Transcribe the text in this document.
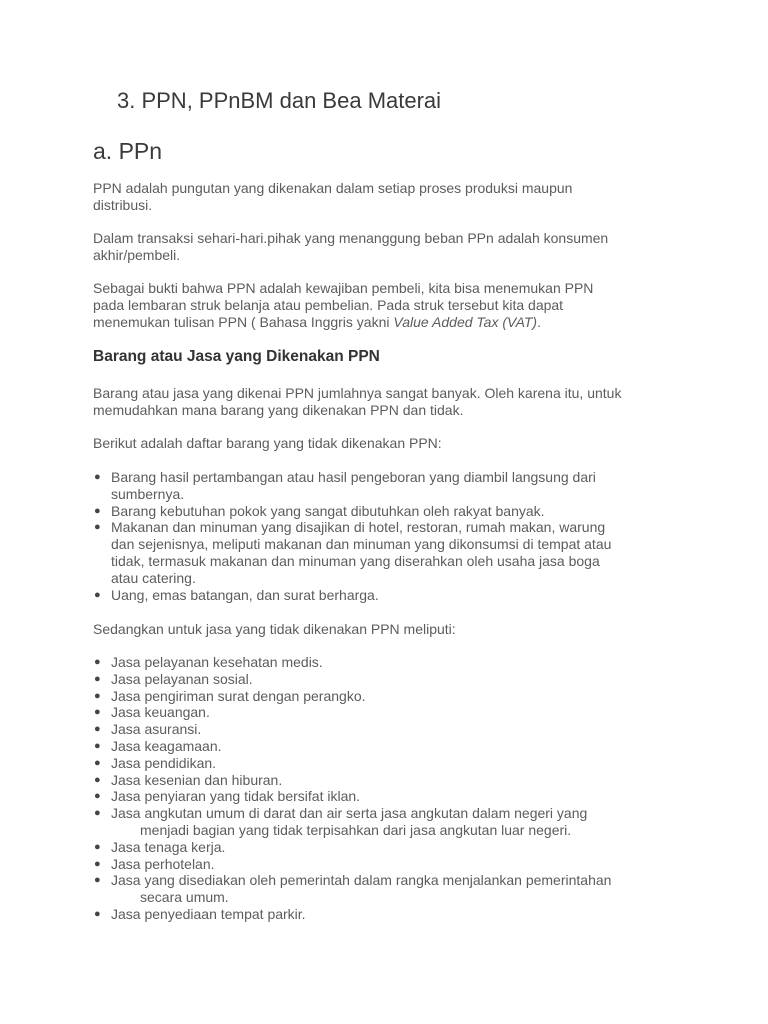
3. PPN, PPnBM dan Bea Materai
a. PPn

PPN adalah pungutan yang dikenakan dalam setiap proses produksi maupun
distribusi.

Dalam transaksi sehari-hari.pihak yang menanggung beban PPn adalah konsumen
akhir/pembeli.

Sebagai bukti bahwa PPN adalah kewajiban pembeli, kita bisa menemukan PPN
pada lembaran struk belanja atau pembelian. Pada struk tersebut kita dapat
menemukan tulisan PPN ( Bahasa Inggris yakni Value Added Tax (VAT).

Barang atau Jasa yang Dikenakan PPN

Barang atau jasa yang dikenai PPN jumlahnya sangat banyak. Oleh karena itu, untuk
memudahkan mana barang yang dikenakan PPN dan tidak.

Berikut adalah daftar barang yang tidak dikenakan PPN:

● Barang hasil pertambangan atau hasil pengeboran yang diambil langsung dari
sumbernya.
● Barang kebutuhan pokok yang sangat dibutuhkan oleh rakyat banyak.
● Makanan dan minuman yang disajikan di hotel, restoran, rumah makan, warung
dan sejenisnya, meliputi makanan dan minuman yang dikonsumsi di tempat atau
tidak, termasuk makanan dan minuman yang diserahkan oleh usaha jasa boga
atau catering.
● Uang, emas batangan, dan surat berharga.

Sedangkan untuk jasa yang tidak dikenakan PPN meliputi:

● Jasa pelayanan kesehatan medis.
● Jasa pelayanan sosial.
● Jasa pengiriman surat dengan perangko.
● Jasa keuangan.
● Jasa asuransi.
● Jasa keagamaan.
● Jasa pendidikan.
● Jasa kesenian dan hiburan.
● Jasa penyiaran yang tidak bersifat iklan.
● Jasa angkutan umum di darat dan air serta jasa angkutan dalam negeri yang
menjadi bagian yang tidak terpisahkan dari jasa angkutan luar negeri.
● Jasa tenaga kerja.
● Jasa perhotelan.
● Jasa yang disediakan oleh pemerintah dalam rangka menjalankan pemerintahan
secara umum.
● Jasa penyediaan tempat parkir.
